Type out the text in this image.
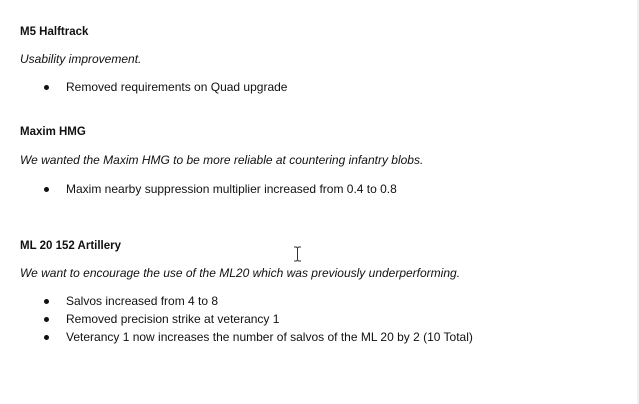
M5 Halftrack
Usability improvement.
Removed requirements on Quad upgrade
Maxim HMG
We wanted the Maxim HMG to be more reliable at countering infantry blobs.
Maxim nearby suppression multiplier increased from 0.4 to 0.8
ML 20 152 Artillery
We want to encourage the use of the ML20 which was previously underperforming.
Salvos increased from 4 to 8
Removed precision strike at veterancy 1
Veterancy 1 now increases the number of salvos of the ML 20 by 2 (10 Total)
